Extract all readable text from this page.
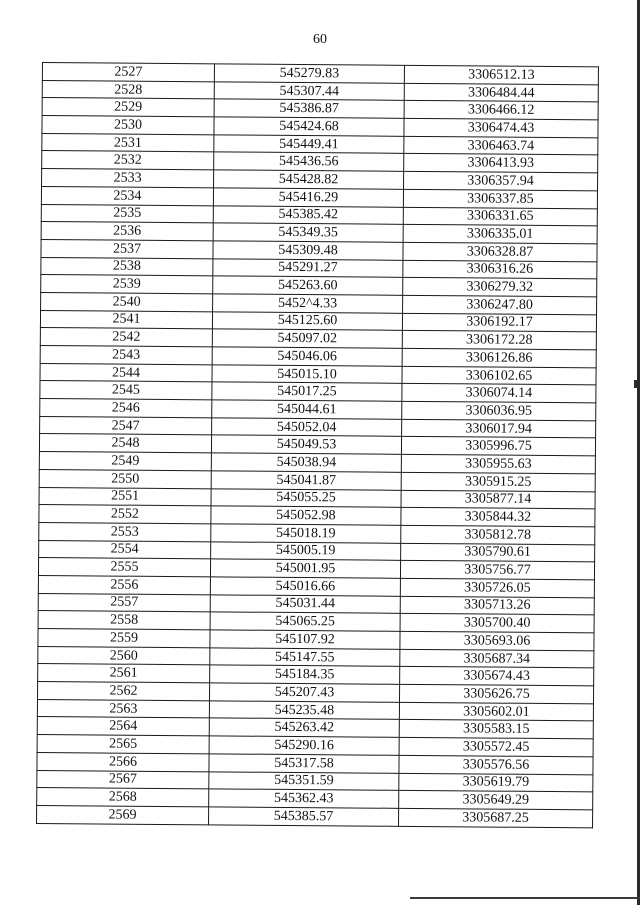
60
2527	545279.83	3306512.13
2528	545307.44	3306484.44
2529	545386.87	3306466.12
2530	545424.68	3306474.43
2531	545449.41	3306463.74
2532	545436.56	3306413.93
2533	545428.82	3306357.94
2534	545416.29	3306337.85
2535	545385.42	3306331.65
2536	545349.35	3306335.01
2537	545309.48	3306328.87
2538	545291.27	3306316.26
2539	545263.60	3306279.32
2540	5452^4.33	3306247.80
2541	545125.60	3306192.17
2542	545097.02	3306172.28
2543	545046.06	3306126.86
2544	545015.10	3306102.65
2545	545017.25	3306074.14
2546	545044.61	3306036.95
2547	545052.04	3306017.94
2548	545049.53	3305996.75
2549	545038.94	3305955.63
2550	545041.87	3305915.25
2551	545055.25	3305877.14
2552	545052.98	3305844.32
2553	545018.19	3305812.78
2554	545005.19	3305790.61
2555	545001.95	3305756.77
2556	545016.66	3305726.05
2557	545031.44	3305713.26
2558	545065.25	3305700.40
2559	545107.92	3305693.06
2560	545147.55	3305687.34
2561	545184.35	3305674.43
2562	545207.43	3305626.75
2563	545235.48	3305602.01
2564	545263.42	3305583.15
2565	545290.16	3305572.45
2566	545317.58	3305576.56
2567	545351.59	3305619.79
2568	545362.43	3305649.29
2569	545385.57	3305687.25
